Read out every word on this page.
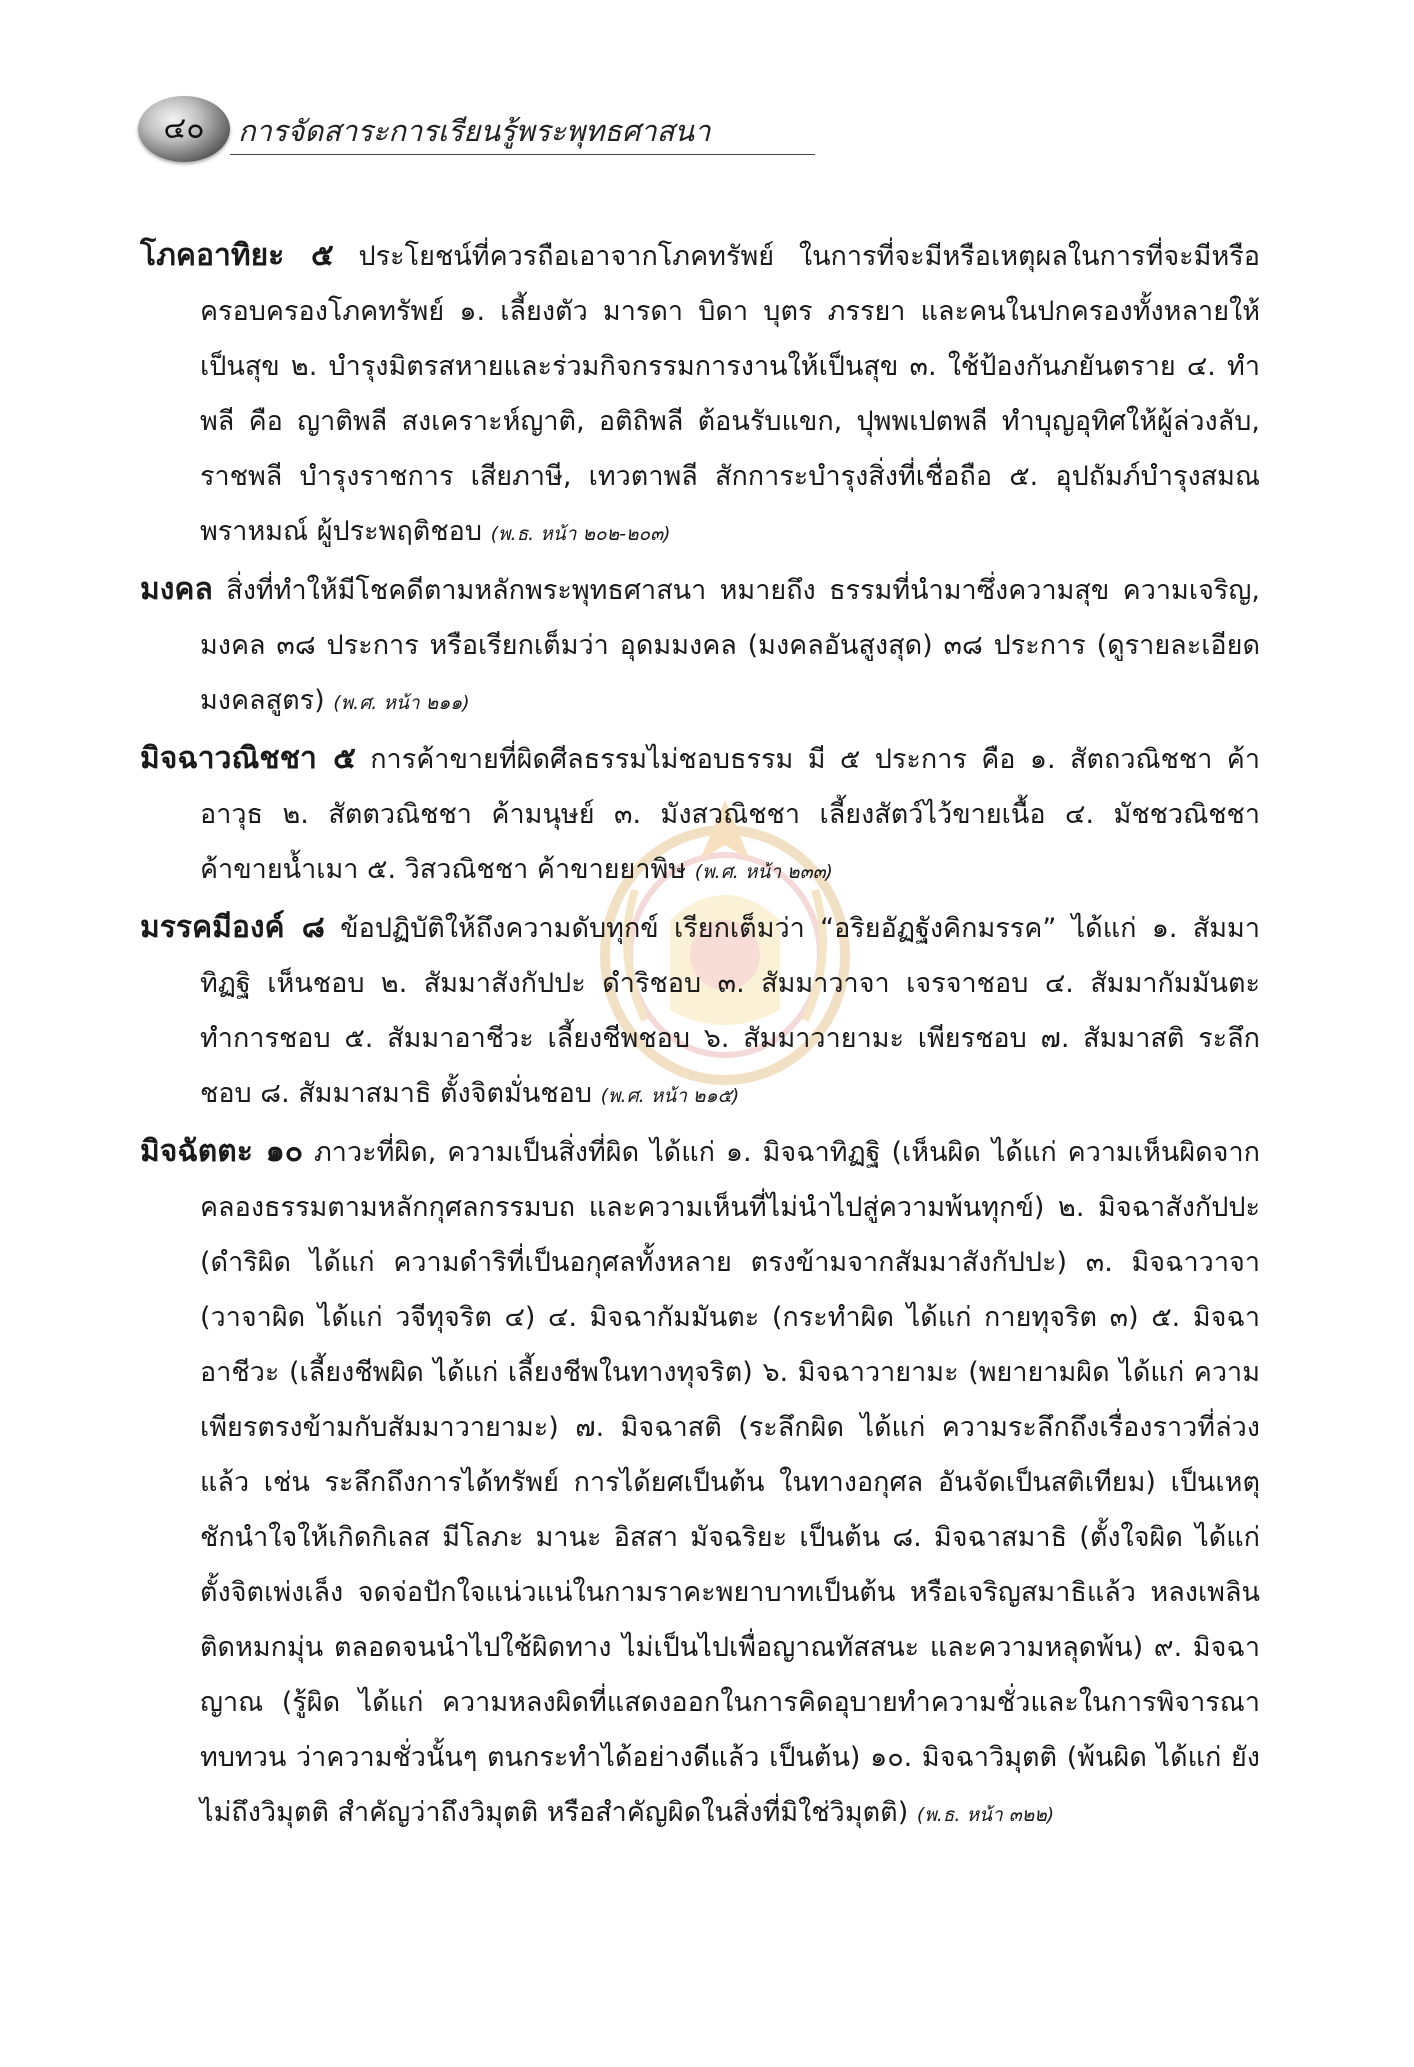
๔๐	การจัดสาระการเรียนรู้พระพุทธศาสนา

โภคอาทิยะ ๕ ประโยชน์ที่ควรถือเอาจากโภคทรัพย์ ในการที่จะมีหรือเหตุผลในการที่จะมีหรือครอบครองโภคทรัพย์ ๑. เลี้ยงตัว มารดา บิดา บุตร ภรรยา และคนในปกครองทั้งหลายให้เป็นสุข ๒. บำรุงมิตรสหายและร่วมกิจกรรมการงานให้เป็นสุข ๓. ใช้ป้องกันภยันตราย ๔. ทำพลี คือ ญาติพลี สงเคราะห์ญาติ, อติถิพลี ต้อนรับแขก, ปุพพเปตพลี ทำบุญอุทิศให้ผู้ล่วงลับ, ราชพลี บำรุงราชการ เสียภาษี, เทวตาพลี สักการะบำรุงสิ่งที่เชื่อถือ ๕. อุปถัมภ์บำรุงสมณพราหมณ์ ผู้ประพฤติชอบ (พ.ธ. หน้า ๒๐๒-๒๐๓)

มงคล สิ่งที่ทำให้มีโชคดีตามหลักพระพุทธศาสนา หมายถึง ธรรมที่นำมาซึ่งความสุข ความเจริญ, มงคล ๓๘ ประการ หรือเรียกเต็มว่า อุดมมงคล (มงคลอันสูงสุด) ๓๘ ประการ (ดูรายละเอียดมงคลสูตร) (พ.ศ. หน้า ๒๑๑)

มิจฉาวณิชชา ๕ การค้าขายที่ผิดศีลธรรมไม่ชอบธรรม มี ๕ ประการ คือ ๑. สัตถวณิชชา ค้าอาวุธ ๒. สัตตวณิชชา ค้ามนุษย์ ๓. มังสวณิชชา เลี้ยงสัตว์ไว้ขายเนื้อ ๔. มัชชวณิชชา ค้าขายน้ำเมา ๕. วิสวณิชชา ค้าขายยาพิษ (พ.ศ. หน้า ๒๓๓)

มรรคมีองค์ ๘ ข้อปฏิบัติให้ถึงความดับทุกข์ เรียกเต็มว่า “อริยอัฏฐังคิกมรรค” ได้แก่ ๑. สัมมาทิฏฐิ เห็นชอบ ๒. สัมมาสังกัปปะ ดำริชอบ ๓. สัมมาวาจา เจรจาชอบ ๔. สัมมากัมมันตะ ทำการชอบ ๕. สัมมาอาชีวะ เลี้ยงชีพชอบ ๖. สัมมาวายามะ เพียรชอบ ๗. สัมมาสติ ระลึกชอบ ๘. สัมมาสมาธิ ตั้งจิตมั่นชอบ (พ.ศ. หน้า ๒๑๕)

มิจฉัตตะ ๑๐ ภาวะที่ผิด, ความเป็นสิ่งที่ผิด ได้แก่ ๑. มิจฉาทิฏฐิ (เห็นผิด ได้แก่ ความเห็นผิดจากคลองธรรมตามหลักกุศลกรรมบถ และความเห็นที่ไม่นำไปสู่ความพ้นทุกข์) ๒. มิจฉาสังกัปปะ (ดำริผิด ได้แก่ ความดำริที่เป็นอกุศลทั้งหลาย ตรงข้ามจากสัมมาสังกัปปะ) ๓. มิจฉาวาจา (วาจาผิด ได้แก่ วจีทุจริต ๔) ๔. มิจฉากัมมันตะ (กระทำผิด ได้แก่ กายทุจริต ๓) ๕. มิจฉาอาชีวะ (เลี้ยงชีพผิด ได้แก่ เลี้ยงชีพในทางทุจริต) ๖. มิจฉาวายามะ (พยายามผิด ได้แก่ ความเพียรตรงข้ามกับสัมมาวายามะ) ๗. มิจฉาสติ (ระลึกผิด ได้แก่ ความระลึกถึงเรื่องราวที่ล่วงแล้ว เช่น ระลึกถึงการได้ทรัพย์ การได้ยศเป็นต้น ในทางอกุศล อันจัดเป็นสติเทียม) เป็นเหตุชักนำใจให้เกิดกิเลส มีโลภะ มานะ อิสสา มัจฉริยะ เป็นต้น ๘. มิจฉาสมาธิ (ตั้งใจผิด ได้แก่ ตั้งจิตเพ่งเล็ง จดจ่อปักใจแน่วแน่ในกามราคะพยาบาทเป็นต้น หรือเจริญสมาธิแล้ว หลงเพลิน ติดหมกมุ่น ตลอดจนนำไปใช้ผิดทาง ไม่เป็นไปเพื่อญาณทัสสนะ และความหลุดพ้น) ๙. มิจฉาญาณ (รู้ผิด ได้แก่ ความหลงผิดที่แสดงออกในการคิดอุบายทำความชั่วและในการพิจารณาทบทวน ว่าความชั่วนั้นๆ ตนกระทำได้อย่างดีแล้ว เป็นต้น) ๑๐. มิจฉาวิมุตติ (พ้นผิด ได้แก่ ยังไม่ถึงวิมุตติ สำคัญว่าถึงวิมุตติ หรือสำคัญผิดในสิ่งที่มิใช่วิมุตติ) (พ.ธ. หน้า ๓๒๒)
